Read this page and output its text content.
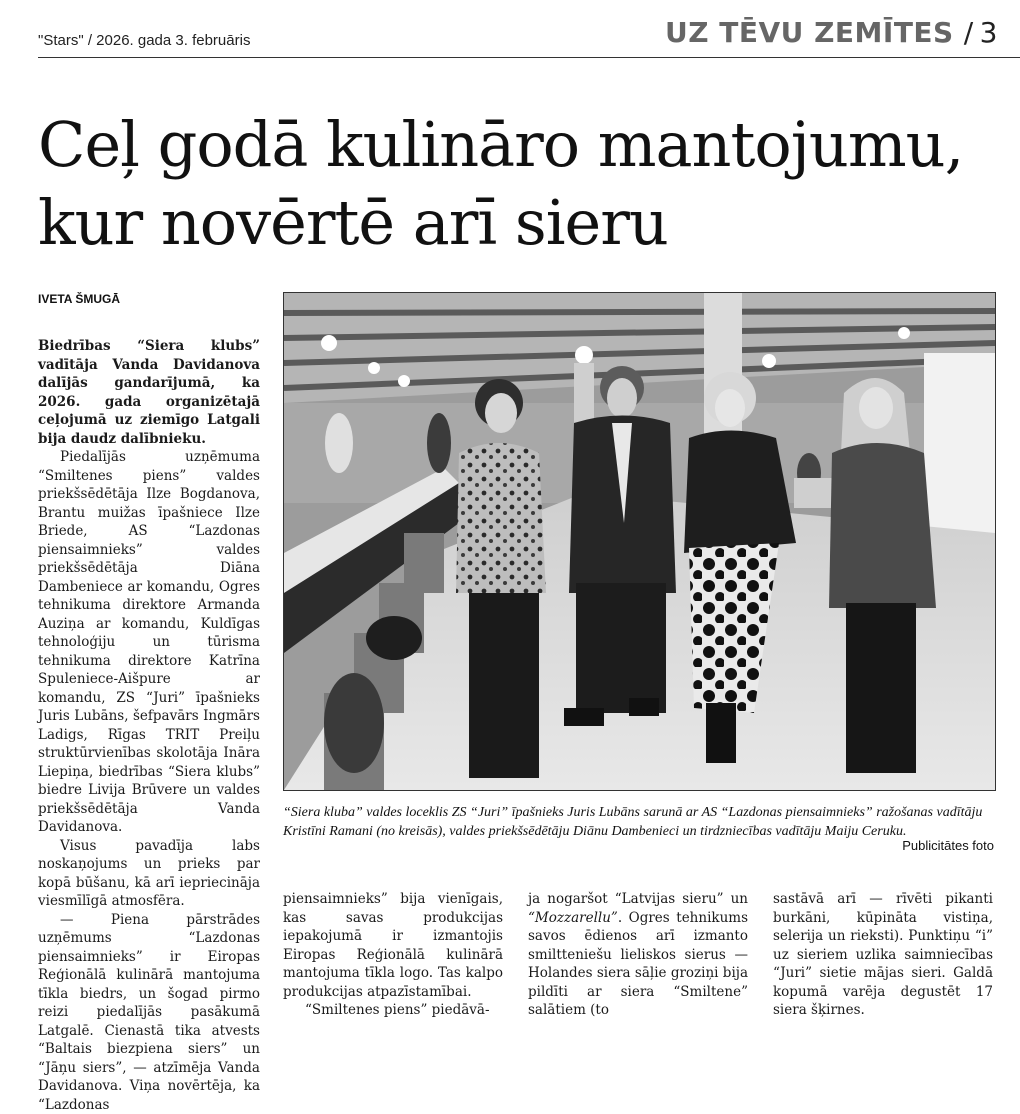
"Stars" / 2026. gada 3. februāris	UZ TĒVU ZEMĪTES / 3
Ceļ godā kulināro mantojumu,
kur novērtē arī sieru
IVETA ŠMUGĀ

Biedrības “Siera klubs” vadītāja Vanda Davidanova dalījās gandarījumā, ka 2026. gada organizētajā ceļojumā uz ziemīgo Latgali bija daudz dalībnieku.

Piedalījās uzņēmuma “Smiltenes piens” valdes priekšsēdētāja Ilze Bogdanova, Brantu muižas īpašniece Ilze Briede, AS “Lazdonas piensaimnieks” valdes priekšsēdētāja Diāna Dambeniece ar komandu, Ogres tehnikuma direktore Armanda Auziņa ar komandu, Kuldīgas tehnoloģiju un tūrisma tehnikuma direktore Katrīna Spuleniece-Aišpure ar komandu, ZS “Juri” īpašnieks Juris Lubāns, šefpavārs Ingmārs Ladigs, Rīgas TRIT Preiļu struktūrvienības skolotāja Ināra Liepiņa, biedrības “Siera klubs” biedre Livija Brūvere un valdes priekšsēdētāja Vanda Davidanova.

Visus pavadīja labs noskaņojums un prieks par kopā būšanu, kā arī iepriecināja viesmīlīgā atmosfēra.

— Piena pārstrādes uzņēmums “Lazdonas piensaimnieks” ir Eiropas Reģionālā kulinārā mantojuma tīkla biedrs, un šogad pirmo reizi piedalījās pasākumā Latgalē. Cienastā tika atvests “Baltais biezpiena siers” un “Jāņu siers”, — atzīmēja Vanda Davidanova. Viņa novērtēja, ka “Lazdonas

“Siera kluba” valdes loceklis ZS “Juri” īpašnieks Juris Lubāns sarunā ar AS “Lazdonas piensaimnieks” ražošanas vadītāju Kristīni Ramani (no kreisās), valdes priekšsēdētāju Diānu Dambenieci un tirdzniecības vadītāju Maiju Ceruku.
Publicitātes foto

piensaimnieks” bija vienīgais, kas savas produkcijas iepakojumā ir izmantojis Eiropas Reģionālā kulinārā mantojuma tīkla logo. Tas kalpo produkcijas atpazīstamībai.

“Smiltenes piens” piedāvā-

ja nogaršot “Latvijas sieru” un “Mozzarellu”. Ogres tehnikums savos ēdienos arī izmanto smiltteniešu lieliskos sierus — Holandes siera sāļie groziņi bija pildīti ar siera “Smiltene” salātiem (to

sastāvā arī — rīvēti pikanti burkāni, kūpināta vistiņa, selerija un rieksti). Punktiņu “i” uz sieriem uzlika saimniecības “Juri” sietie mājas sieri. Galdā kopumā varēja degustēt 17 siera šķirnes.
